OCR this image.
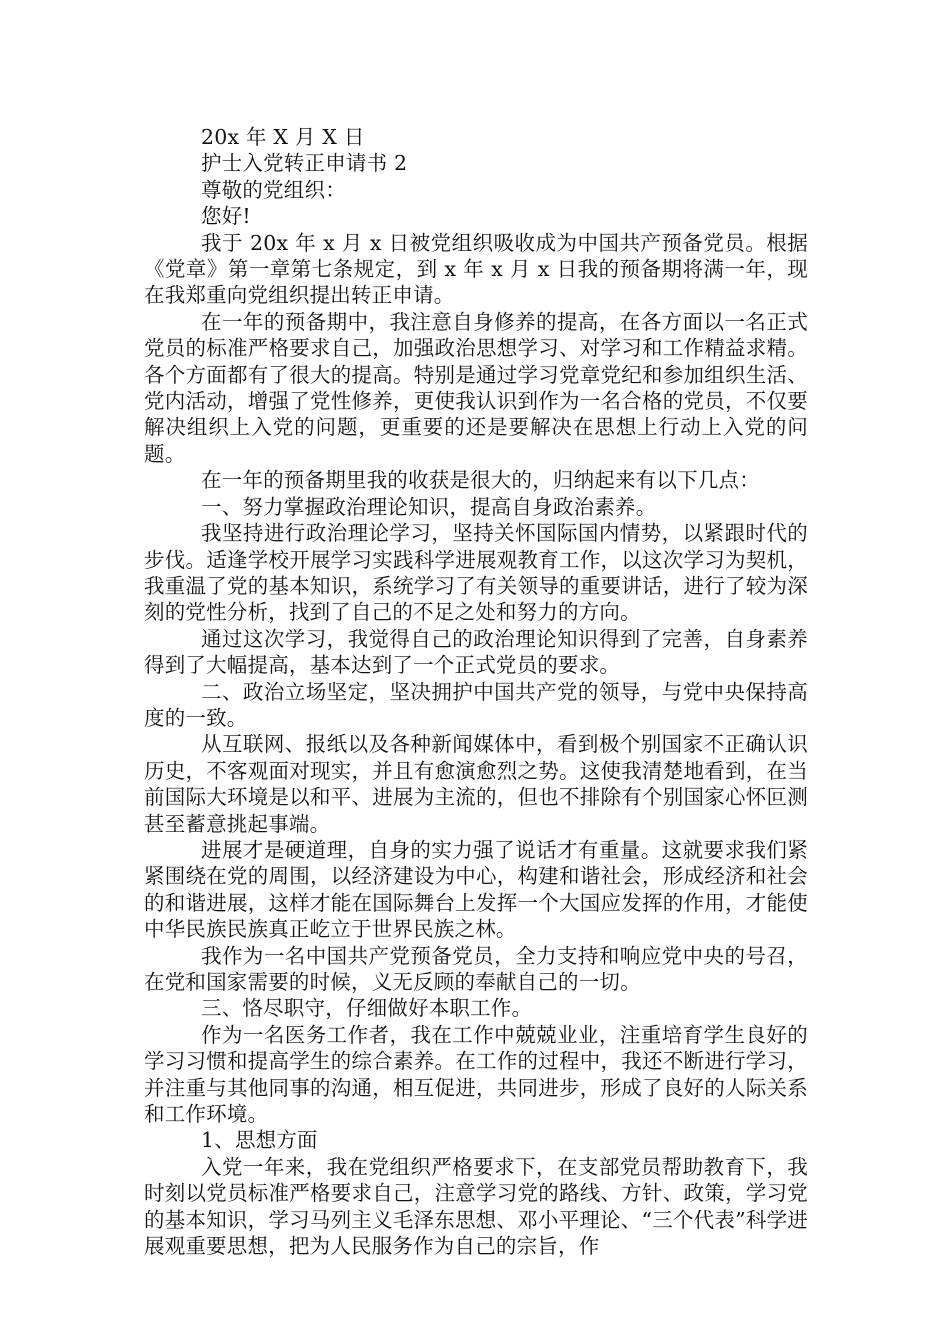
20x 年 X 月 X 日

护士入党转正申请书 2

尊敬的党组织：

您好!

我于 20x 年 x 月 x 日被党组织吸收成为中国共产预备党员。根据《党章》第一章第七条规定，到 x 年 x 月 x 日我的预备期将满一年，现在我郑重向党组织提出转正申请。

在一年的预备期中，我注意自身修养的提高，在各方面以一名正式党员的标准严格要求自己，加强政治思想学习、对学习和工作精益求精。各个方面都有了很大的提高。特别是通过学习党章党纪和参加组织生活、党内活动，增强了党性修养，更使我认识到作为一名合格的党员，不仅要解决组织上入党的问题，更重要的还是要解决在思想上行动上入党的问题。

在一年的预备期里我的收获是很大的，归纳起来有以下几点：

一、努力掌握政治理论知识，提高自身政治素养。

我坚持进行政治理论学习，坚持关怀国际国内情势，以紧跟时代的步伐。适逢学校开展学习实践科学进展观教育工作，以这次学习为契机，我重温了党的基本知识，系统学习了有关领导的重要讲话，进行了较为深刻的党性分析，找到了自己的不足之处和努力的方向。

通过这次学习，我觉得自己的政治理论知识得到了完善，自身素养得到了大幅提高，基本达到了一个正式党员的要求。

二、政治立场坚定，坚决拥护中国共产党的领导，与党中央保持高度的一致。

从互联网、报纸以及各种新闻媒体中，看到极个别国家不正确认识历史，不客观面对现实，并且有愈演愈烈之势。这使我清楚地看到，在当前国际大环境是以和平、进展为主流的，但也不排除有个别国家心怀叵测甚至蓄意挑起事端。

进展才是硬道理，自身的实力强了说话才有重量。这就要求我们紧紧围绕在党的周围，以经济建设为中心，构建和谐社会，形成经济和社会的和谐进展，这样才能在国际舞台上发挥一个大国应发挥的作用，才能使中华民族民族真正屹立于世界民族之林。

我作为一名中国共产党预备党员，全力支持和响应党中央的号召，在党和国家需要的时候，义无反顾的奉献自己的一切。

三、恪尽职守，仔细做好本职工作。

作为一名医务工作者，我在工作中兢兢业业，注重培育学生良好的学习习惯和提高学生的综合素养。在工作的过程中，我还不断进行学习，并注重与其他同事的沟通，相互促进，共同进步，形成了良好的人际关系和工作环境。

1、思想方面

入党一年来，我在党组织严格要求下，在支部党员帮助教育下，我时刻以党员标准严格要求自己，注意学习党的路线、方针、政策，学习党的基本知识，学习马列主义毛泽东思想、邓小平理论、“三个代表”科学进展观重要思想，把为人民服务作为自己的宗旨，作
